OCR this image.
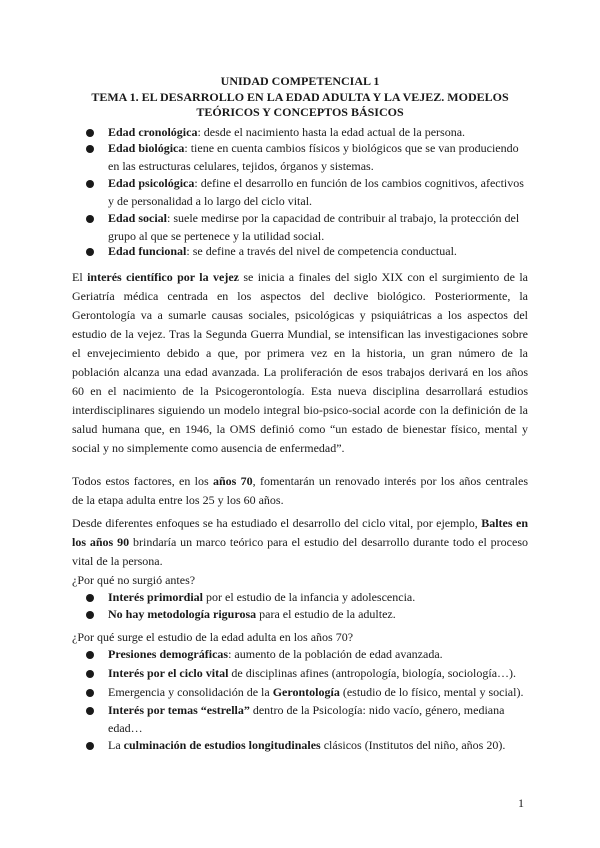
UNIDAD COMPETENCIAL 1
TEMA 1. EL DESARROLLO EN LA EDAD ADULTA Y LA VEJEZ. MODELOS
TEÓRICOS Y CONCEPTOS BÁSICOS
Edad cronológica: desde el nacimiento hasta la edad actual de la persona.
Edad biológica: tiene en cuenta cambios físicos y biológicos que se van produciendo en las estructuras celulares, tejidos, órganos y sistemas.
Edad psicológica: define el desarrollo en función de los cambios cognitivos, afectivos y de personalidad a lo largo del ciclo vital.
Edad social: suele medirse por la capacidad de contribuir al trabajo, la protección del grupo al que se pertenece y la utilidad social.
Edad funcional: se define a través del nivel de competencia conductual.
El interés científico por la vejez se inicia a finales del siglo XIX con el surgimiento de la
Geriatría médica centrada en los aspectos del declive biológico. Posteriormente, la
Gerontología va a sumarle causas sociales, psicológicas y psiquiátricas a los aspectos del
estudio de la vejez. Tras la Segunda Guerra Mundial, se intensifican las investigaciones sobre
el envejecimiento debido a que, por primera vez en la historia, un gran número de la
población alcanza una edad avanzada. La proliferación de esos trabajos derivará en los años
60 en el nacimiento de la Psicogerontología. Esta nueva disciplina desarrollará estudios
interdisciplinares siguiendo un modelo integral bio-psico-social acorde con la definición de la
salud humana que, en 1946, la OMS definió como “un estado de bienestar físico, mental y
social y no simplemente como ausencia de enfermedad”.
Todos estos factores, en los años 70, fomentarán un renovado interés por los años centrales
de la etapa adulta entre los 25 y los 60 años.
Desde diferentes enfoques se ha estudiado el desarrollo del ciclo vital, por ejemplo, Baltes en
los años 90 brindaría un marco teórico para el estudio del desarrollo durante todo el proceso
vital de la persona.
¿Por qué no surgió antes?
Interés primordial por el estudio de la infancia y adolescencia.
No hay metodología rigurosa para el estudio de la adultez.
¿Por qué surge el estudio de la edad adulta en los años 70?
Presiones demográficas: aumento de la población de edad avanzada.
Interés por el ciclo vital de disciplinas afines (antropología, biología, sociología…).
Emergencia y consolidación de la Gerontología (estudio de lo físico, mental y social).
Interés por temas “estrella” dentro de la Psicología: nido vacío, género, mediana edad…
La culminación de estudios longitudinales clásicos (Institutos del niño, años 20).
1
